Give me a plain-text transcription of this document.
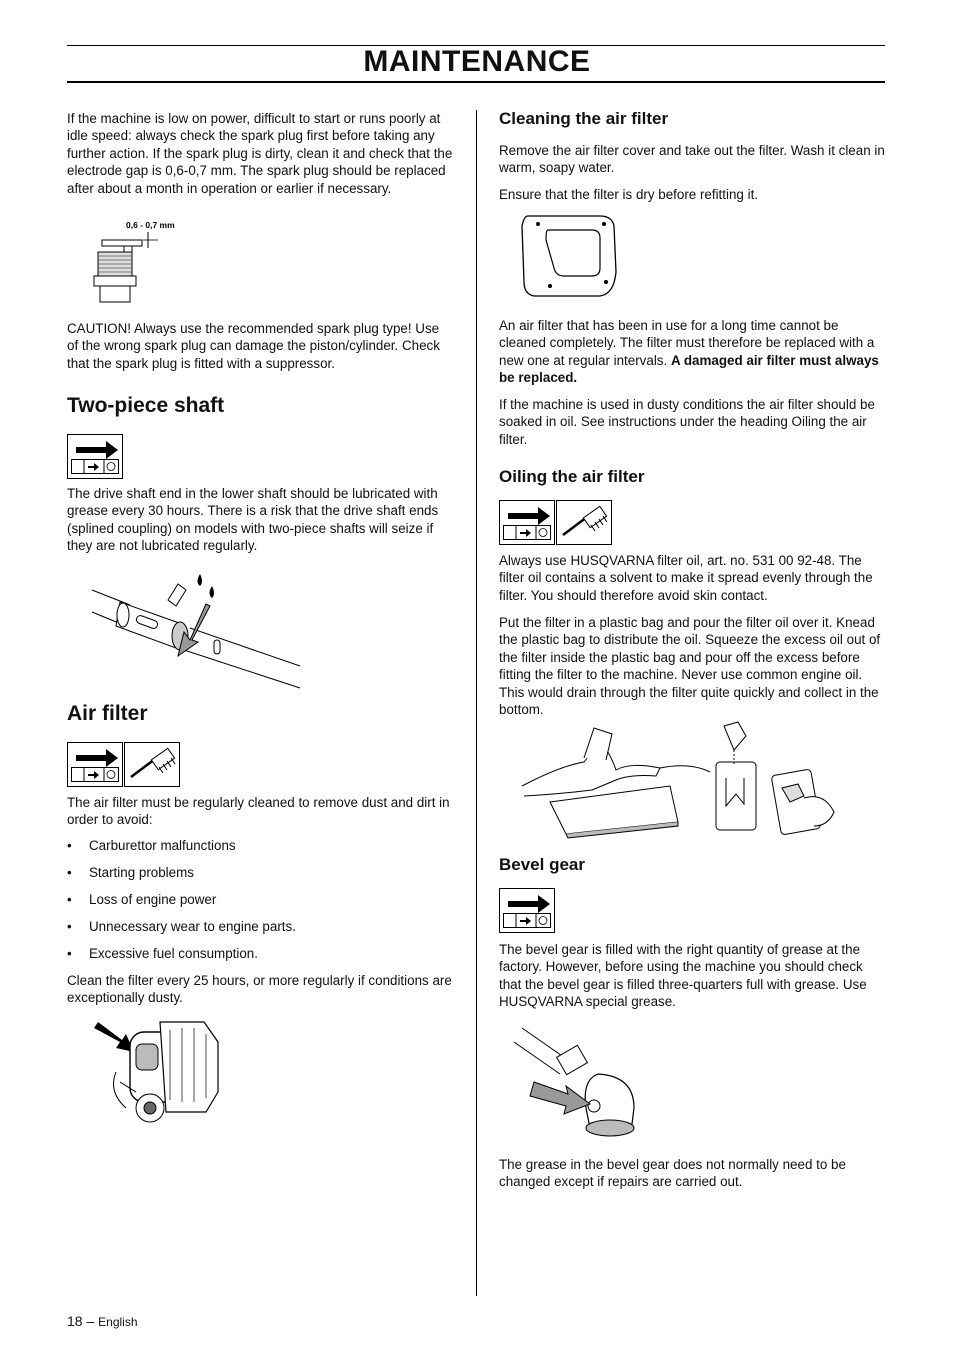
MAINTENANCE

If the machine is low on power, difficult to start or runs poorly at idle speed: always check the spark plug first before taking any further action. If the spark plug is dirty, clean it and check that the electrode gap is 0,6-0,7 mm. The spark plug should be replaced after about a month in operation or earlier if necessary.

0,6 - 0,7 mm

CAUTION! Always use the recommended spark plug type! Use of the wrong spark plug can damage the piston/cylinder. Check that the spark plug is fitted with a suppressor.

Two-piece shaft

The drive shaft end in the lower shaft should be lubricated with grease every 30 hours. There is a risk that the drive shaft ends (splined coupling) on models with two-piece shafts will seize if they are not lubricated regularly.

Air filter

The air filter must be regularly cleaned to remove dust and dirt in order to avoid:

• Carburettor malfunctions
• Starting problems
• Loss of engine power
• Unnecessary wear to engine parts.
• Excessive fuel consumption.

Clean the filter every 25 hours, or more regularly if conditions are exceptionally dusty.

Cleaning the air filter

Remove the air filter cover and take out the filter. Wash it clean in warm, soapy water.

Ensure that the filter is dry before refitting it.

An air filter that has been in use for a long time cannot be cleaned completely. The filter must therefore be replaced with a new one at regular intervals. A damaged air filter must always be replaced.

If the machine is used in dusty conditions the air filter should be soaked in oil. See instructions under the heading Oiling the air filter.

Oiling the air filter

Always use HUSQVARNA filter oil, art. no. 531 00 92-48. The filter oil contains a solvent to make it spread evenly through the filter. You should therefore avoid skin contact.

Put the filter in a plastic bag and pour the filter oil over it. Knead the plastic bag to distribute the oil. Squeeze the excess oil out of the filter inside the plastic bag and pour off the excess before fitting the filter to the machine. Never use common engine oil. This would drain through the filter quite quickly and collect in the bottom.

Bevel gear

The bevel gear is filled with the right quantity of grease at the factory. However, before using the machine you should check that the bevel gear is filled three-quarters full with grease. Use HUSQVARNA special grease.

The grease in the bevel gear does not normally need to be changed except if repairs are carried out.

18 – English
